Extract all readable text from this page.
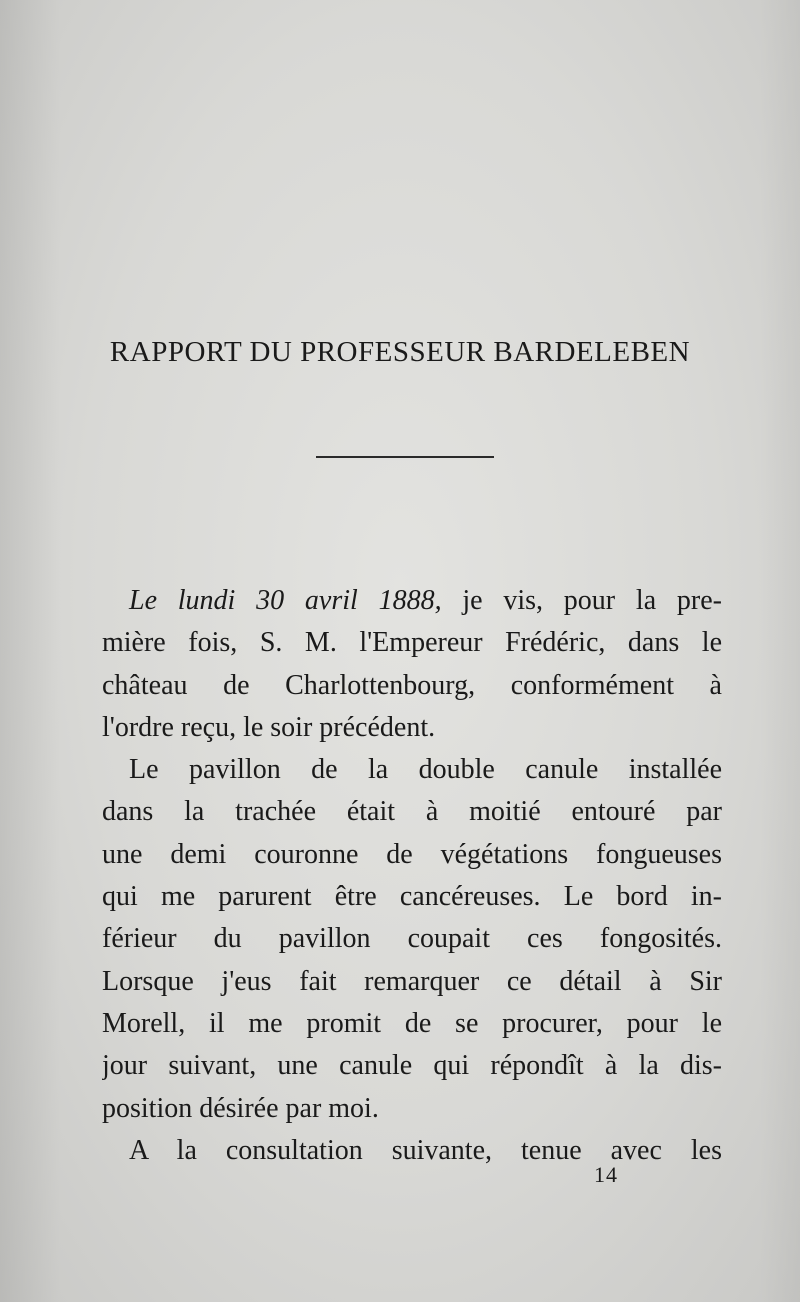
RAPPORT DU PROFESSEUR BARDELEBEN
Le lundi 30 avril 1888, je vis, pour la pre-
mière fois, S. M. l'Empereur Frédéric, dans le
château de Charlottenbourg, conformément à
l'ordre reçu, le soir précédent.
Le pavillon de la double canule installée
dans la trachée était à moitié entouré par
une demi couronne de végétations fongueuses
qui me parurent être cancéreuses. Le bord in-
férieur du pavillon coupait ces fongosités.
Lorsque j'eus fait remarquer ce détail à Sir
Morell, il me promit de se procurer, pour le
jour suivant, une canule qui répondît à la dis-
position désirée par moi.
A la consultation suivante, tenue avec les
14
